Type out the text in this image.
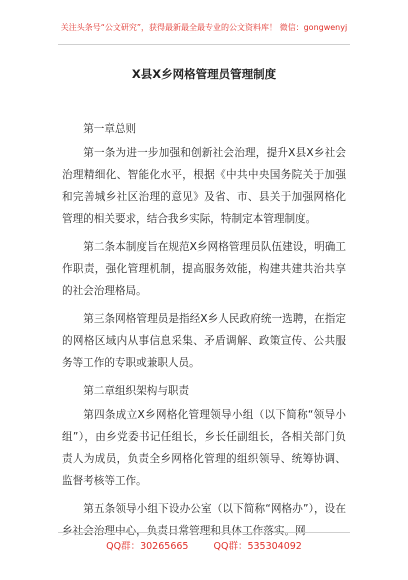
关注头条号“公文研究”，获得最新最全最专业的公文资料库！ 微信：gongwenyj
X县X乡网格管理员管理制度

第一章总则

第一条为进一步加强和创新社会治理，提升X县X乡社会治理精细化、智能化水平，根据《中共中央国务院关于加强和完善城乡社区治理的意见》及省、市、县关于加强网格化管理的相关要求，结合我乡实际，特制定本管理制度。

第二条本制度旨在规范X乡网格管理员队伍建设，明确工作职责，强化管理机制，提高服务效能，构建共建共治共享的社会治理格局。

第三条网格管理员是指经X乡人民政府统一选聘，在指定的网格区域内从事信息采集、矛盾调解、政策宣传、公共服务等工作的专职或兼职人员。

第二章组织架构与职责

第四条成立X乡网格化管理领导小组（以下简称“领导小组”），由乡党委书记任组长，乡长任副组长，各相关部门负责人为成员，负责全乡网格化管理的组织领导、统筹协调、监督考核等工作。

第五条领导小组下设办公室（以下简称“网格办”），设在乡社会治理中心，负责日常管理和具体工作落实。网

QQ群：30265665	QQ群：535304092
